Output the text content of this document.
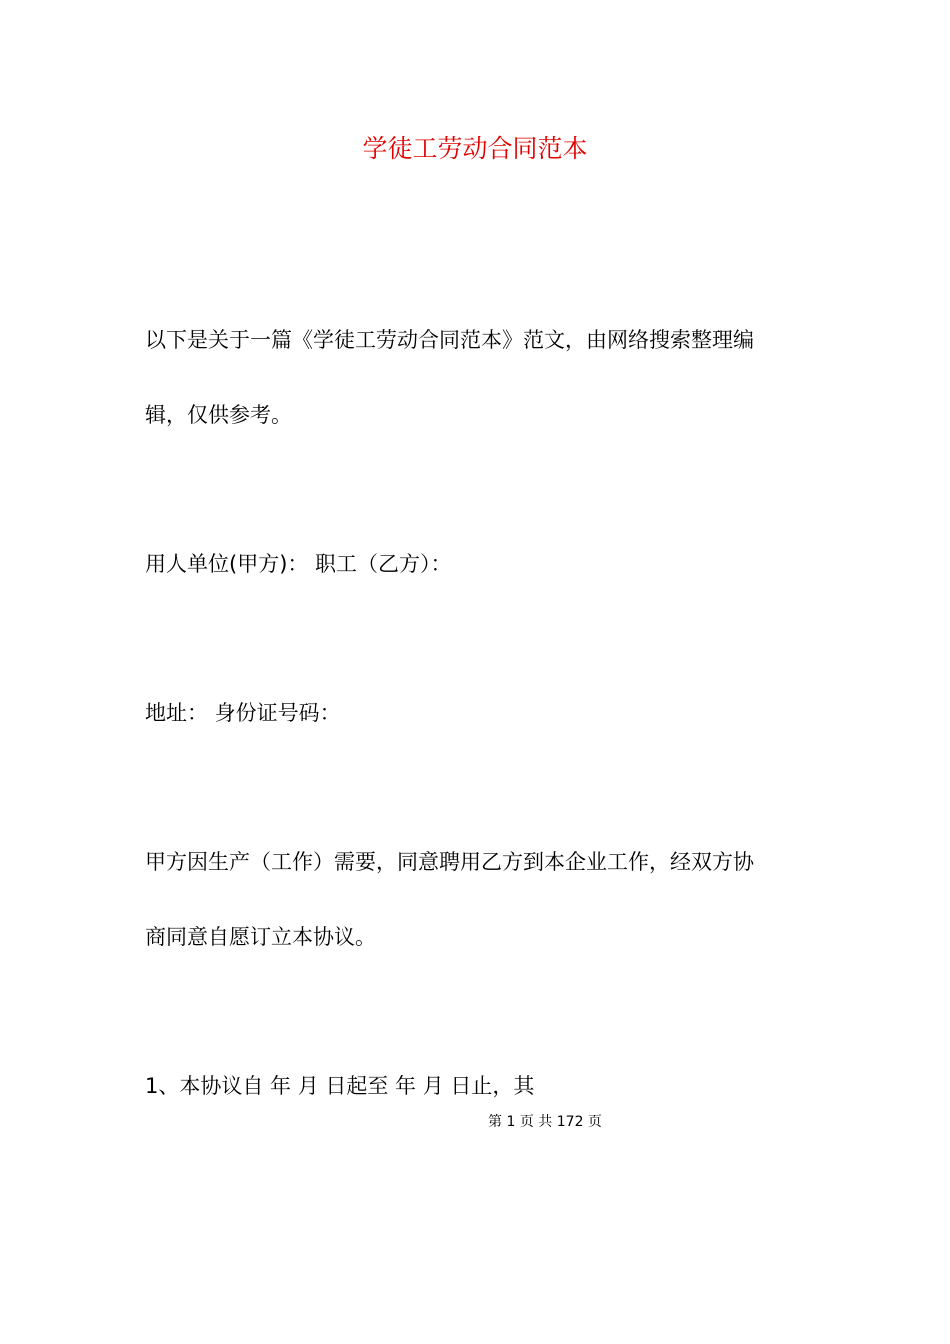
学徒工劳动合同范本
以下是关于一篇《学徒工劳动合同范本》范文，由网络搜索整理编
辑，仅供参考。
用人单位(甲方)： 职工（乙方）：
地址： 身份证号码：
甲方因生产（工作）需要，同意聘用乙方到本企业工作，经双方协
商同意自愿订立本协议。
1、本协议自 年 月 日起至 年 月 日止，其
第 1 页 共 172 页
